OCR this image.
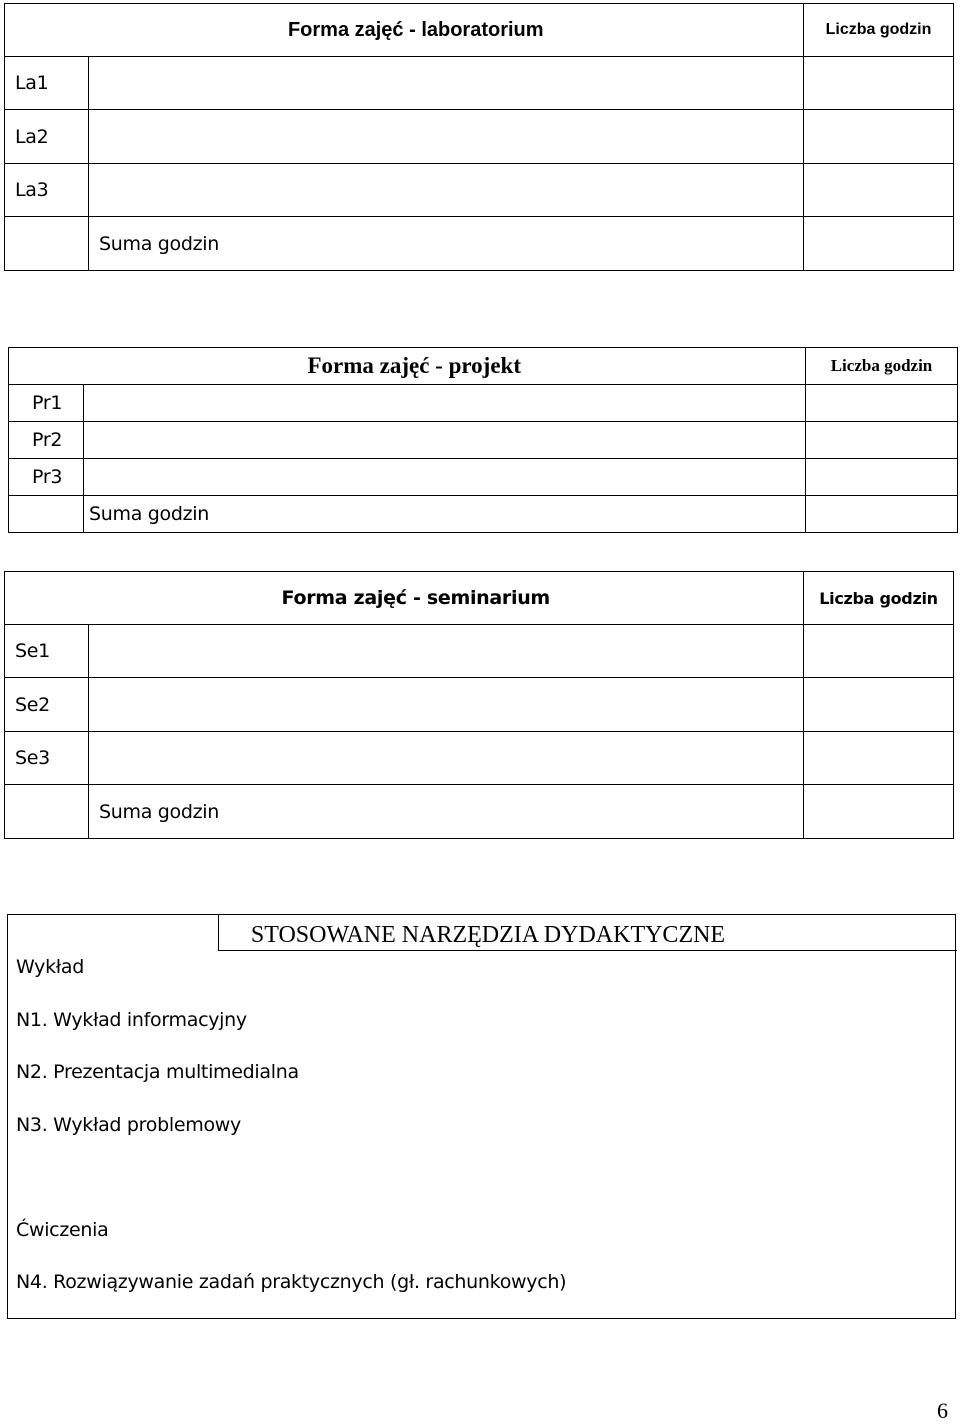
	Forma zajęć - laboratorium	Liczba godzin
La1		
La2		
La3		
	Suma godzin	
	Forma zajęć - projekt	Liczba godzin
Pr1		
Pr2		
Pr3		
	Suma godzin	
	Forma zajęć - seminarium	Liczba godzin
Se1		
Se2		
Se3		
	Suma godzin	
STOSOWANE NARZĘDZIA DYDAKTYCZNE
Wykład
N1. Wykład informacyjny
N2. Prezentacja multimedialna
N3. Wykład problemowy
Ćwiczenia
N4. Rozwiązywanie zadań praktycznych (gł. rachunkowych)
6
